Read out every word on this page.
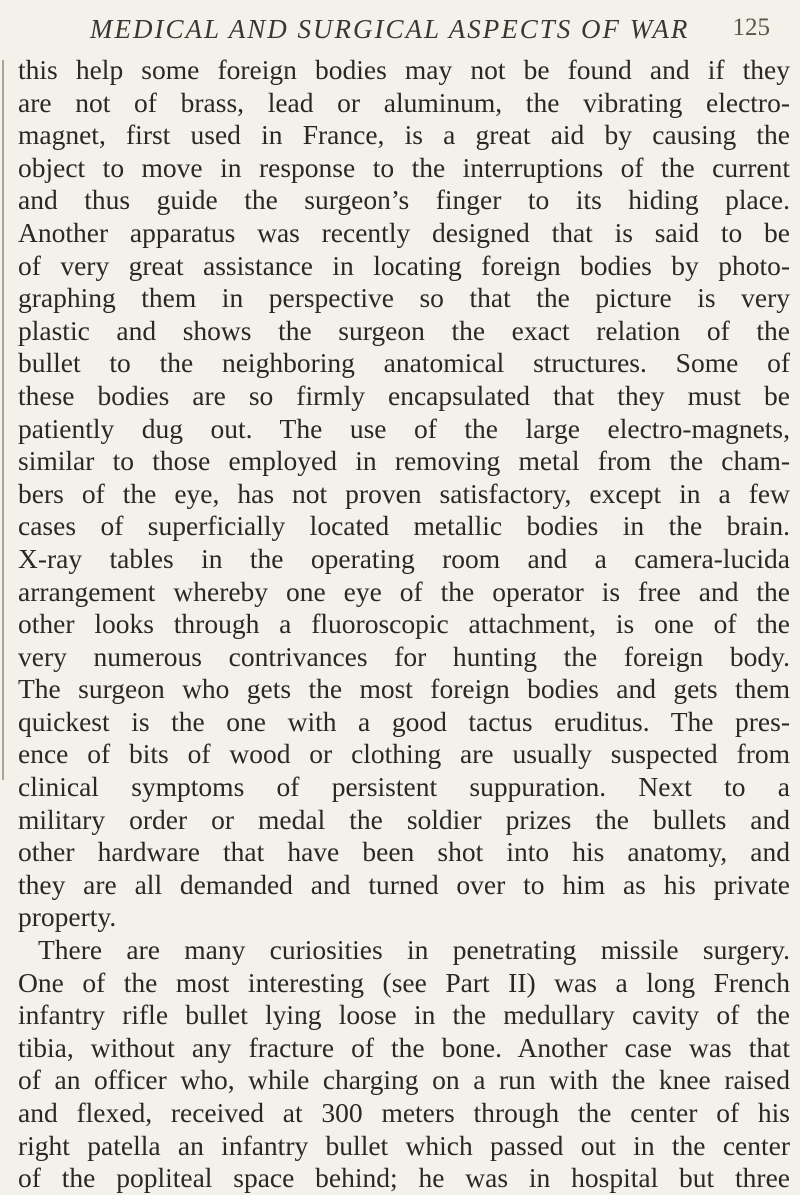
MEDICAL AND SURGICAL ASPECTS OF WAR 125
this help some foreign bodies may not be found and if they
are not of brass, lead or aluminum, the vibrating electro-
magnet, first used in France, is a great aid by causing the
object to move in response to the interruptions of the current
and thus guide the surgeon’s finger to its hiding place.
Another apparatus was recently designed that is said to be
of very great assistance in locating foreign bodies by photo-
graphing them in perspective so that the picture is very
plastic and shows the surgeon the exact relation of the
bullet to the neighboring anatomical structures. Some of
these bodies are so firmly encapsulated that they must be
patiently dug out. The use of the large electro-magnets,
similar to those employed in removing metal from the cham-
bers of the eye, has not proven satisfactory, except in a few
cases of superficially located metallic bodies in the brain.
X-ray tables in the operating room and a camera-lucida
arrangement whereby one eye of the operator is free and the
other looks through a fluoroscopic attachment, is one of the
very numerous contrivances for hunting the foreign body.
The surgeon who gets the most foreign bodies and gets them
quickest is the one with a good tactus eruditus. The pres-
ence of bits of wood or clothing are usually suspected from
clinical symptoms of persistent suppuration. Next to a
military order or medal the soldier prizes the bullets and
other hardware that have been shot into his anatomy, and
they are all demanded and turned over to him as his private
property.
There are many curiosities in penetrating missile surgery.
One of the most interesting (see Part II) was a long French
infantry rifle bullet lying loose in the medullary cavity of the
tibia, without any fracture of the bone. Another case was that
of an officer who, while charging on a run with the knee raised
and flexed, received at 300 meters through the center of his
right patella an infantry bullet which passed out in the center
of the popliteal space behind; he was in hospital but three
